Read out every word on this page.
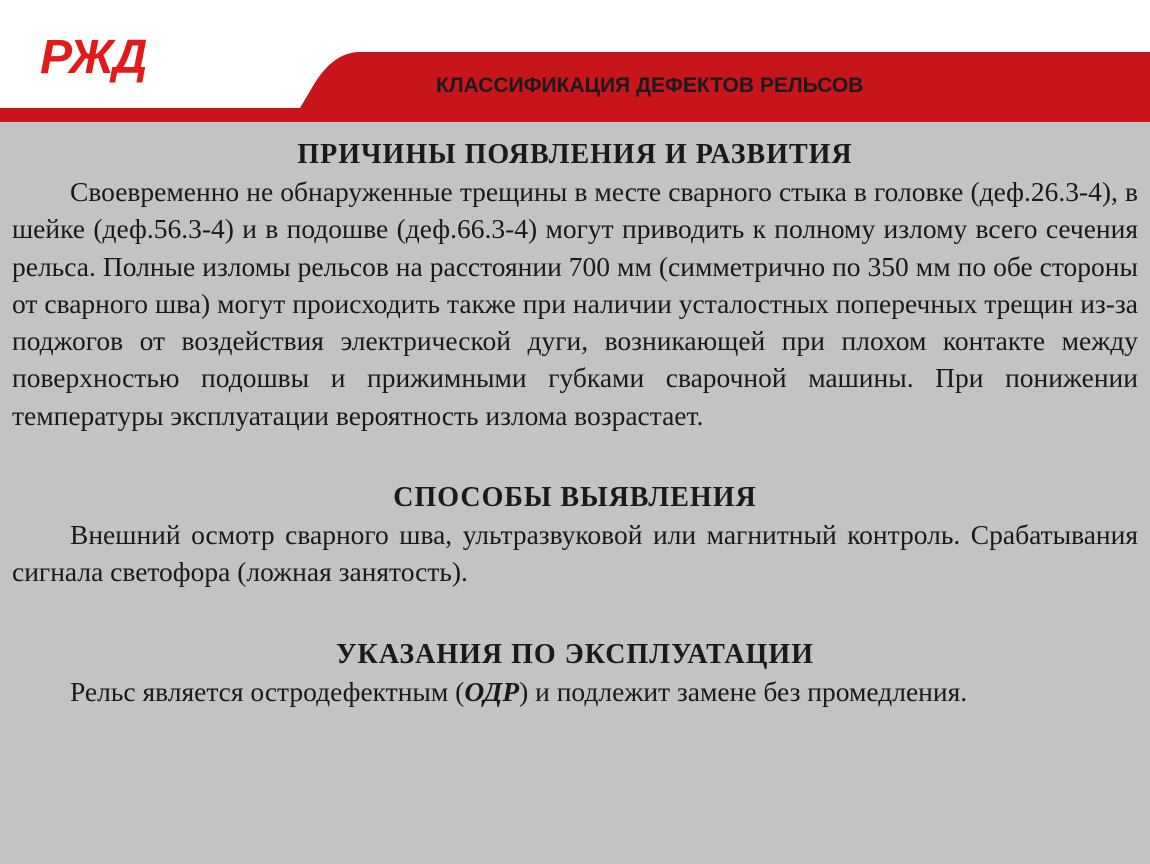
РЖД
КЛАССИФИКАЦИЯ ДЕФЕКТОВ РЕЛЬСОВ
ПРИЧИНЫ ПОЯВЛЕНИЯ И РАЗВИТИЯ

Своевременно не обнаруженные трещины в месте сварного стыка в головке (деф.26.3-4), в шейке (деф.56.3-4) и в подошве (деф.66.3-4) могут приводить к полному излому всего сечения рельса. Полные изломы рельсов на расстоянии 700 мм (симметрично по 350 мм по обе стороны от сварного шва) могут происходить также при наличии усталостных поперечных трещин из-за поджогов от воздействия электрической дуги, возникающей при плохом контакте между поверхностью подошвы и прижимными губками сварочной машины. При понижении температуры эксплуатации вероятность излома возрастает.

СПОСОБЫ ВЫЯВЛЕНИЯ

Внешний осмотр сварного шва, ультразвуковой или магнитный контроль. Срабатывания сигнала светофора (ложная занятость).

УКАЗАНИЯ ПО ЭКСПЛУАТАЦИИ

Рельс является остродефектным (ОДР) и подлежит замене без промедления.
